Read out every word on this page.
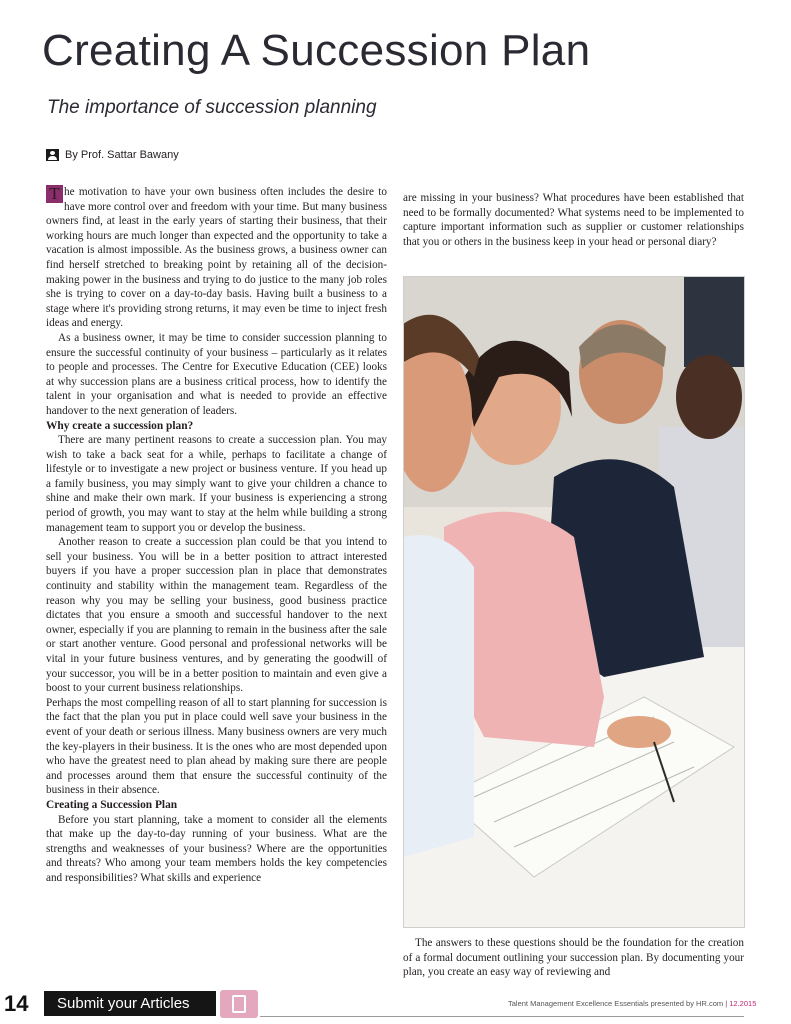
Creating A Succession Plan
The importance of succession planning
By Prof. Sattar Bawany

T he motivation to have your own business often includes the desire to have more control over and freedom with your time. But many business owners find, at least in the early years of starting their business, that their working hours are much longer than expected and the opportunity to take a vacation is almost impossible. As the business grows, a business owner can find herself stretched to breaking point by retaining all of the decision-making power in the business and trying to do justice to the many job roles she is trying to cover on a day-to-day basis. Having built a business to a stage where it's providing strong returns, it may even be time to inject fresh ideas and energy.

As a business owner, it may be time to consider succession planning to ensure the successful continuity of your business – particularly as it relates to people and processes. The Centre for Executive Education (CEE) looks at why succession plans are a business critical process, how to identify the talent in your organisation and what is needed to provide an effective handover to the next generation of leaders.

Why create a succession plan?

There are many pertinent reasons to create a succession plan. You may wish to take a back seat for a while, perhaps to facilitate a change of lifestyle or to investigate a new project or business venture. If you head up a family business, you may simply want to give your children a chance to shine and make their own mark. If your business is experiencing a strong period of growth, you may want to stay at the helm while building a strong management team to support you or develop the business.

Another reason to create a succession plan could be that you intend to sell your business. You will be in a better position to attract interested buyers if you have a proper succession plan in place that demonstrates continuity and stability within the management team. Regardless of the reason why you may be selling your business, good business practice dictates that you ensure a smooth and successful handover to the next owner, especially if you are planning to remain in the business after the sale or start another venture. Good personal and professional networks will be vital in your future business ventures, and by generating the goodwill of your successor, you will be in a better position to maintain and even give a boost to your current business relationships.

Perhaps the most compelling reason of all to start planning for succession is the fact that the plan you put in place could well save your business in the event of your death or serious illness. Many business owners are very much the key-players in their business. It is the ones who are most depended upon who have the greatest need to plan ahead by making sure there are people and processes around them that ensure the successful continuity of the business in their absence.

Creating a Succession Plan

Before you start planning, take a moment to consider all the elements that make up the day-to-day running of your business. What are the strengths and weaknesses of your business? Where are the opportunities and threats? Who among your team members holds the key competencies and responsibilities? What skills and experience

are missing in your business? What procedures have been established that need to be formally documented? What systems need to be implemented to capture important information such as supplier or customer relationships that you or others in the business keep in your head or personal diary?

The answers to these questions should be the foundation for the creation of a formal document outlining your succession plan. By documenting your plan, you create an easy way of reviewing and

14	Submit your Articles	Talent Management Excellence Essentials presented by HR.com | 12.2015
